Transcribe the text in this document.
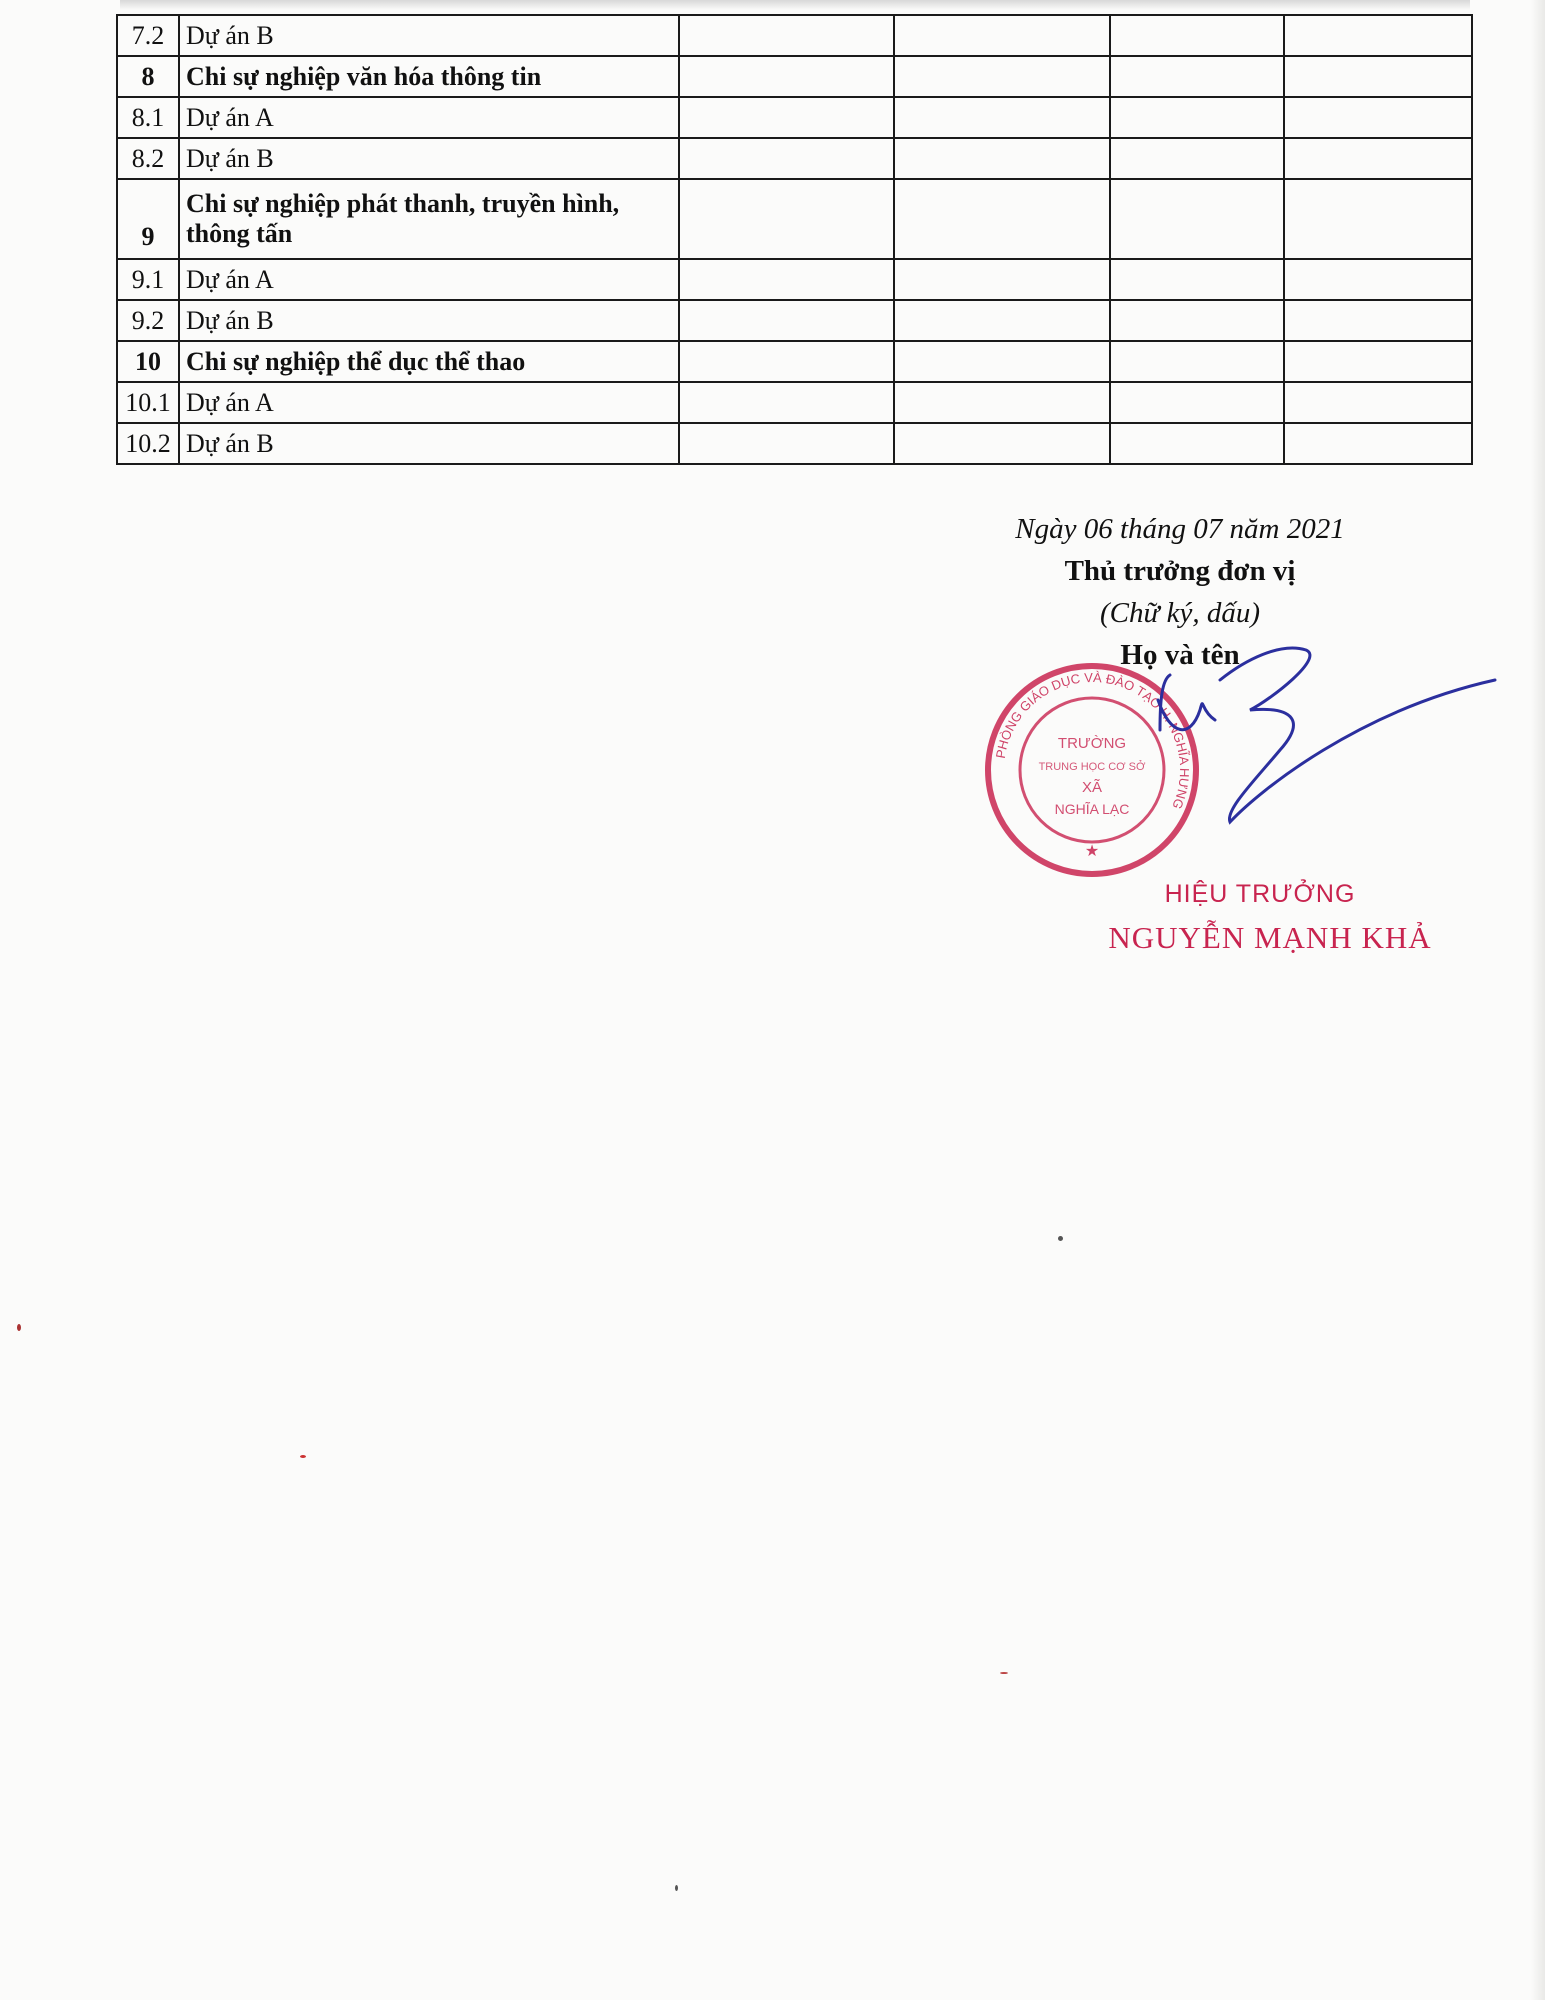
7.2	Dự án B				
8	Chi sự nghiệp văn hóa thông tin				
8.1	Dự án A				
8.2	Dự án B				
9	Chi sự nghiệp phát thanh, truyền hình,
thông tấn				

9.1	Dự án A				
9.2	Dự án B				
10	Chi sự nghiệp thể dục thể thao				
10.1	Dự án A				
10.2	Dự án B				
Ngày 06 tháng 07 năm 2021
Thủ trưởng đơn vị
(Chữ ký, dấu)
Họ và tên
PHÒNG GIÁO DỤC VÀ ĐÀO TẠO H. NGHĨA HƯNG
TRƯỜNG
TRUNG HỌC CƠ SỞ
XÃ
NGHĨA LẠC
★
HIỆU TRƯỞNG
NGUYỄN MẠNH KHẢ
